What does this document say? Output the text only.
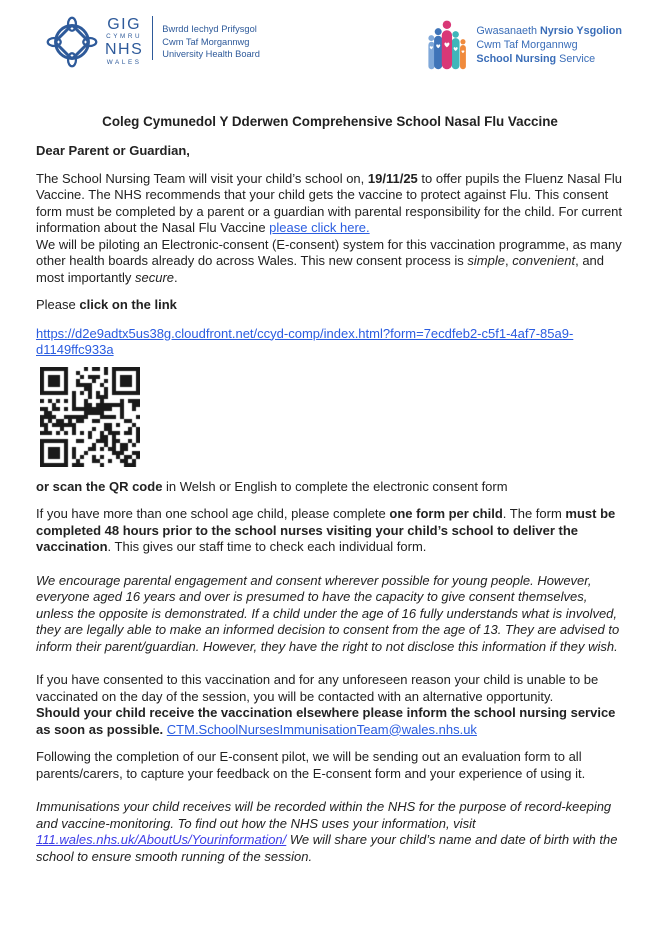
GIG
CYMRU
NHS
WALES
Bwrdd Iechyd Prifysgol
Cwm Taf Morgannwg
University Health Board
Gwasanaeth Nyrsio Ysgolion
Cwm Taf Morgannwg
School Nursing Service
Coleg Cymunedol Y Dderwen Comprehensive School Nasal Flu Vaccine

Dear Parent or Guardian,

The School Nursing Team will visit your child’s school on, 19/11/25 to offer pupils the Fluenz Nasal Flu Vaccine. The NHS recommends that your child gets the vaccine to protect against Flu. This consent form must be completed by a parent or a guardian with parental responsibility for the child. For current information about the Nasal Flu Vaccine please click here.
We will be piloting an Electronic-consent (E-consent) system for this vaccination programme, as many other health boards already do across Wales. This new consent process is simple, convenient, and most importantly secure.

Please click on the link

https://d2e9adtx5us38g.cloudfront.net/ccyd-comp/index.html?form=7ecdfeb2-c5f1-4af7-85a9-d1149ffc933a

or scan the QR code in Welsh or English to complete the electronic consent form

If you have more than one school age child, please complete one form per child. The form must be completed 48 hours prior to the school nurses visiting your child’s school to deliver the vaccination. This gives our staff time to check each individual form.

We encourage parental engagement and consent wherever possible for young people. However, everyone aged 16 years and over is presumed to have the capacity to give consent themselves, unless the opposite is demonstrated. If a child under the age of 16 fully understands what is involved, they are legally able to make an informed decision to consent from the age of 13. They are advised to inform their parent/guardian. However, they have the right to not disclose this information if they wish.

If you have consented to this vaccination and for any unforeseen reason your child is unable to be vaccinated on the day of the session, you will be contacted with an alternative opportunity.
Should your child receive the vaccination elsewhere please inform the school nursing service as soon as possible. CTM.SchoolNursesImmunisationTeam@wales.nhs.uk

Following the completion of our E-consent pilot, we will be sending out an evaluation form to all parents/carers, to capture your feedback on the E-consent form and your experience of using it.

Immunisations your child receives will be recorded within the NHS for the purpose of record-keeping and vaccine-monitoring. To find out how the NHS uses your information, visit 111.wales.nhs.uk/AboutUs/Yourinformation/ We will share your child’s name and date of birth with the school to ensure smooth running of the session.
